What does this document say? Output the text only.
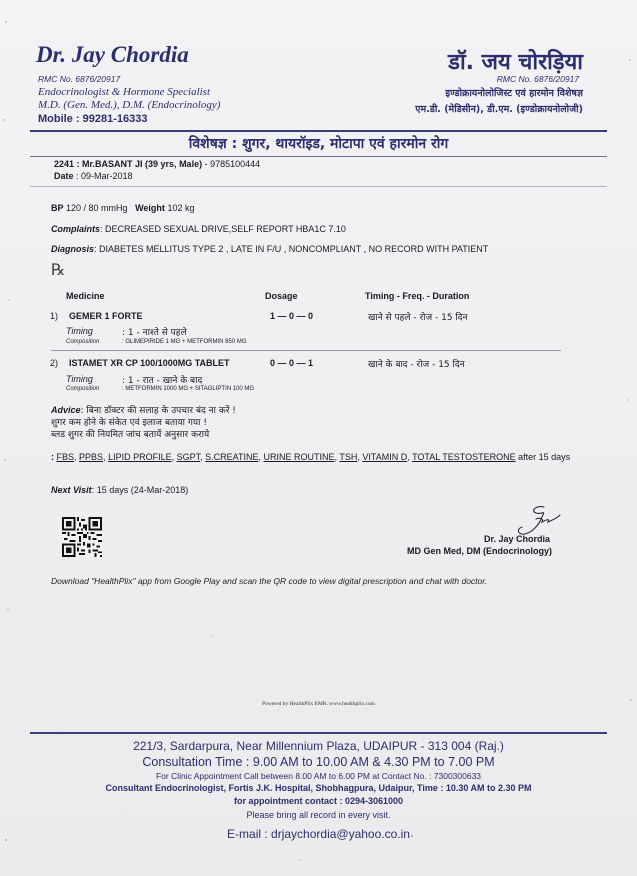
Dr. Jay Chordia
RMC No. 6876/20917
Endocrinologist & Hormone Specialist
M.D. (Gen. Med.), D.M. (Endocrinology)
Mobile : 99281-16333
डॉ. जय चोरड़िया
RMC No. 6876/20917
इण्डोक्रायनोलोजिस्ट एवं हारमोन विशेषज्ञ
एम.डी. (मेडिसीन), डी.एम. (इण्डोक्रायनोलोजी)
विशेषज्ञ : शुगर, थायरॉइड, मोटापा एवं हारमोन रोग
2241 : Mr.BASANT JI (39 yrs, Male) - 9785100444
Date : 09-Mar-2018
BP 120 / 80 mmHg Weight 102 kg
Complaints: DECREASED SEXUAL DRIVE,SELF REPORT HBA1C 7.10
Diagnosis: DIABETES MELLITUS TYPE 2 , LATE IN F/U , NONCOMPLIANT , NO RECORD WITH PATIENT
℞
Medicine	Dosage	Timing - Freq. - Duration
1) GEMER 1 FORTE	1 — 0 — 0	खाने से पहले - रोज - 15 दिन
Timing	: 1 - नाश्ते से पहले
Composition	: GLIMEPIRIDE 1 MG + METFORMIN 850 MG
2) ISTAMET XR CP 100/1000MG TABLET	0 — 0 — 1	खाने के बाद - रोज - 15 दिन
Timing	: 1 - रात - खाने के बाद
Composition	: METFORMIN 1000 MG + SITAGLIPTIN 100 MG
Advice: बिना डॉक्टर की सलाह के उपचार बंद ना करें !
शुगर कम होने के संकेत एवं इलाज बताया गया !
ब्लड शुगर की नियमित जांच बतायें अनुसार कराये
: FBS, PPBS, LIPID PROFILE, SGPT, S.CREATINE, URINE ROUTINE, TSH, VITAMIN D, TOTAL TESTOSTERONE after 15 days
Next Visit: 15 days (24-Mar-2018)
Dr. Jay Chordia
MD Gen Med, DM (Endocrinology)
Download "HealthPlix" app from Google Play and scan the QR code to view digital prescription and chat with doctor.
Powered by HealthPlix EMR. www.healthplix.com
221/3, Sardarpura, Near Millennium Plaza, UDAIPUR - 313 004 (Raj.)
Consultation Time : 9.00 AM to 10.00 AM & 4.30 PM to 7.00 PM
For Clinic Appointment Call between 8.00 AM to 6.00 PM at Contact No. : 7300300633
Consultant Endocrinologist, Fortis J.K. Hospital, Shobhagpura, Udaipur, Time : 10.30 AM to 2.30 PM
for appointment contact : 0294-3061000
Please bring all record in every visit.
E-mail : drjaychordia@yahoo.co.in
